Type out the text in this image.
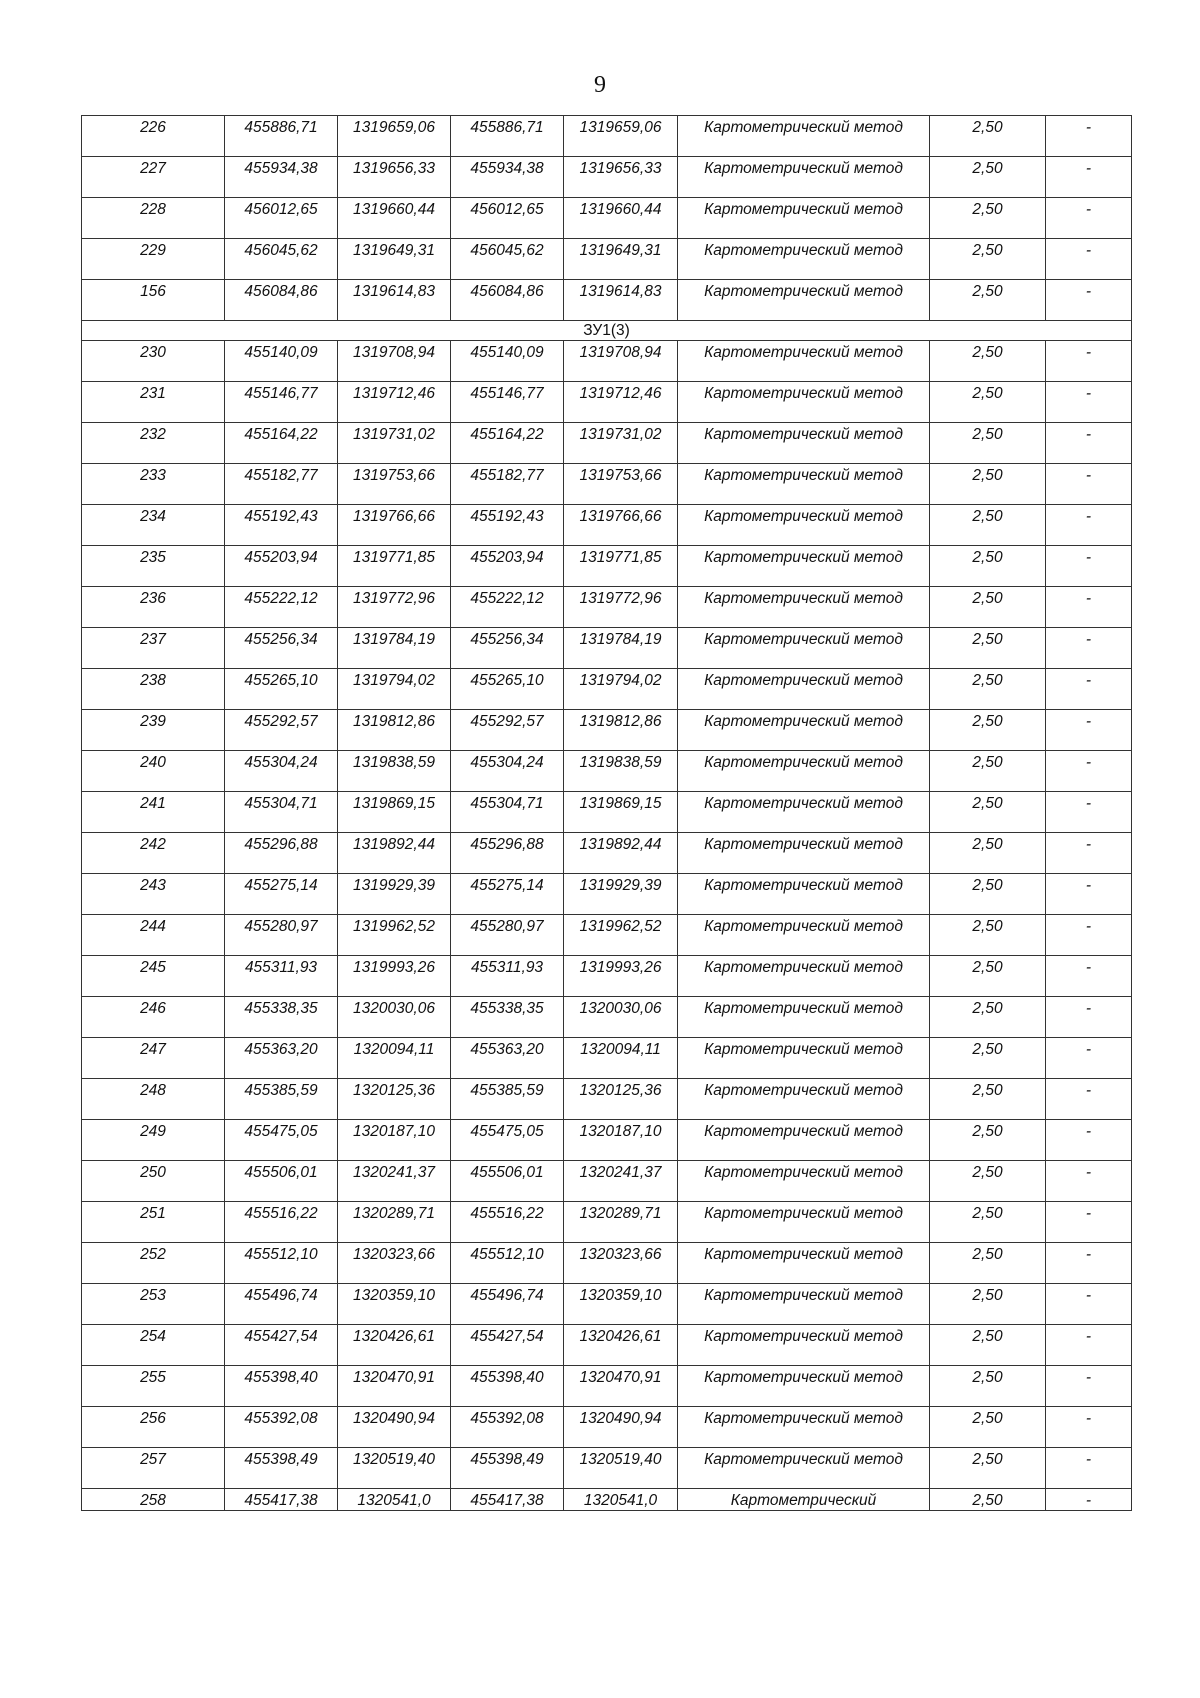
9
226	455886,71	1319659,06	455886,71	1319659,06	Картометрический метод	2,50	-
227	455934,38	1319656,33	455934,38	1319656,33	Картометрический метод	2,50	-
228	456012,65	1319660,44	456012,65	1319660,44	Картометрический метод	2,50	-
229	456045,62	1319649,31	456045,62	1319649,31	Картометрический метод	2,50	-
156	456084,86	1319614,83	456084,86	1319614,83	Картометрический метод	2,50	-
ЗУ1(3)							
230	455140,09	1319708,94	455140,09	1319708,94	Картометрический метод	2,50	-
231	455146,77	1319712,46	455146,77	1319712,46	Картометрический метод	2,50	-
232	455164,22	1319731,02	455164,22	1319731,02	Картометрический метод	2,50	-
233	455182,77	1319753,66	455182,77	1319753,66	Картометрический метод	2,50	-
234	455192,43	1319766,66	455192,43	1319766,66	Картометрический метод	2,50	-
235	455203,94	1319771,85	455203,94	1319771,85	Картометрический метод	2,50	-
236	455222,12	1319772,96	455222,12	1319772,96	Картометрический метод	2,50	-
237	455256,34	1319784,19	455256,34	1319784,19	Картометрический метод	2,50	-
238	455265,10	1319794,02	455265,10	1319794,02	Картометрический метод	2,50	-
239	455292,57	1319812,86	455292,57	1319812,86	Картометрический метод	2,50	-
240	455304,24	1319838,59	455304,24	1319838,59	Картометрический метод	2,50	-
241	455304,71	1319869,15	455304,71	1319869,15	Картометрический метод	2,50	-
242	455296,88	1319892,44	455296,88	1319892,44	Картометрический метод	2,50	-
243	455275,14	1319929,39	455275,14	1319929,39	Картометрический метод	2,50	-
244	455280,97	1319962,52	455280,97	1319962,52	Картометрический метод	2,50	-
245	455311,93	1319993,26	455311,93	1319993,26	Картометрический метод	2,50	-
246	455338,35	1320030,06	455338,35	1320030,06	Картометрический метод	2,50	-
247	455363,20	1320094,11	455363,20	1320094,11	Картометрический метод	2,50	-
248	455385,59	1320125,36	455385,59	1320125,36	Картометрический метод	2,50	-
249	455475,05	1320187,10	455475,05	1320187,10	Картометрический метод	2,50	-
250	455506,01	1320241,37	455506,01	1320241,37	Картометрический метод	2,50	-
251	455516,22	1320289,71	455516,22	1320289,71	Картометрический метод	2,50	-
252	455512,10	1320323,66	455512,10	1320323,66	Картометрический метод	2,50	-
253	455496,74	1320359,10	455496,74	1320359,10	Картометрический метод	2,50	-
254	455427,54	1320426,61	455427,54	1320426,61	Картометрический метод	2,50	-
255	455398,40	1320470,91	455398,40	1320470,91	Картометрический метод	2,50	-
256	455392,08	1320490,94	455392,08	1320490,94	Картометрический метод	2,50	-
257	455398,49	1320519,40	455398,49	1320519,40	Картометрический метод	2,50	-
258	455417,38	1320541,0	455417,38	1320541,0	Картометрический	2,50	-
